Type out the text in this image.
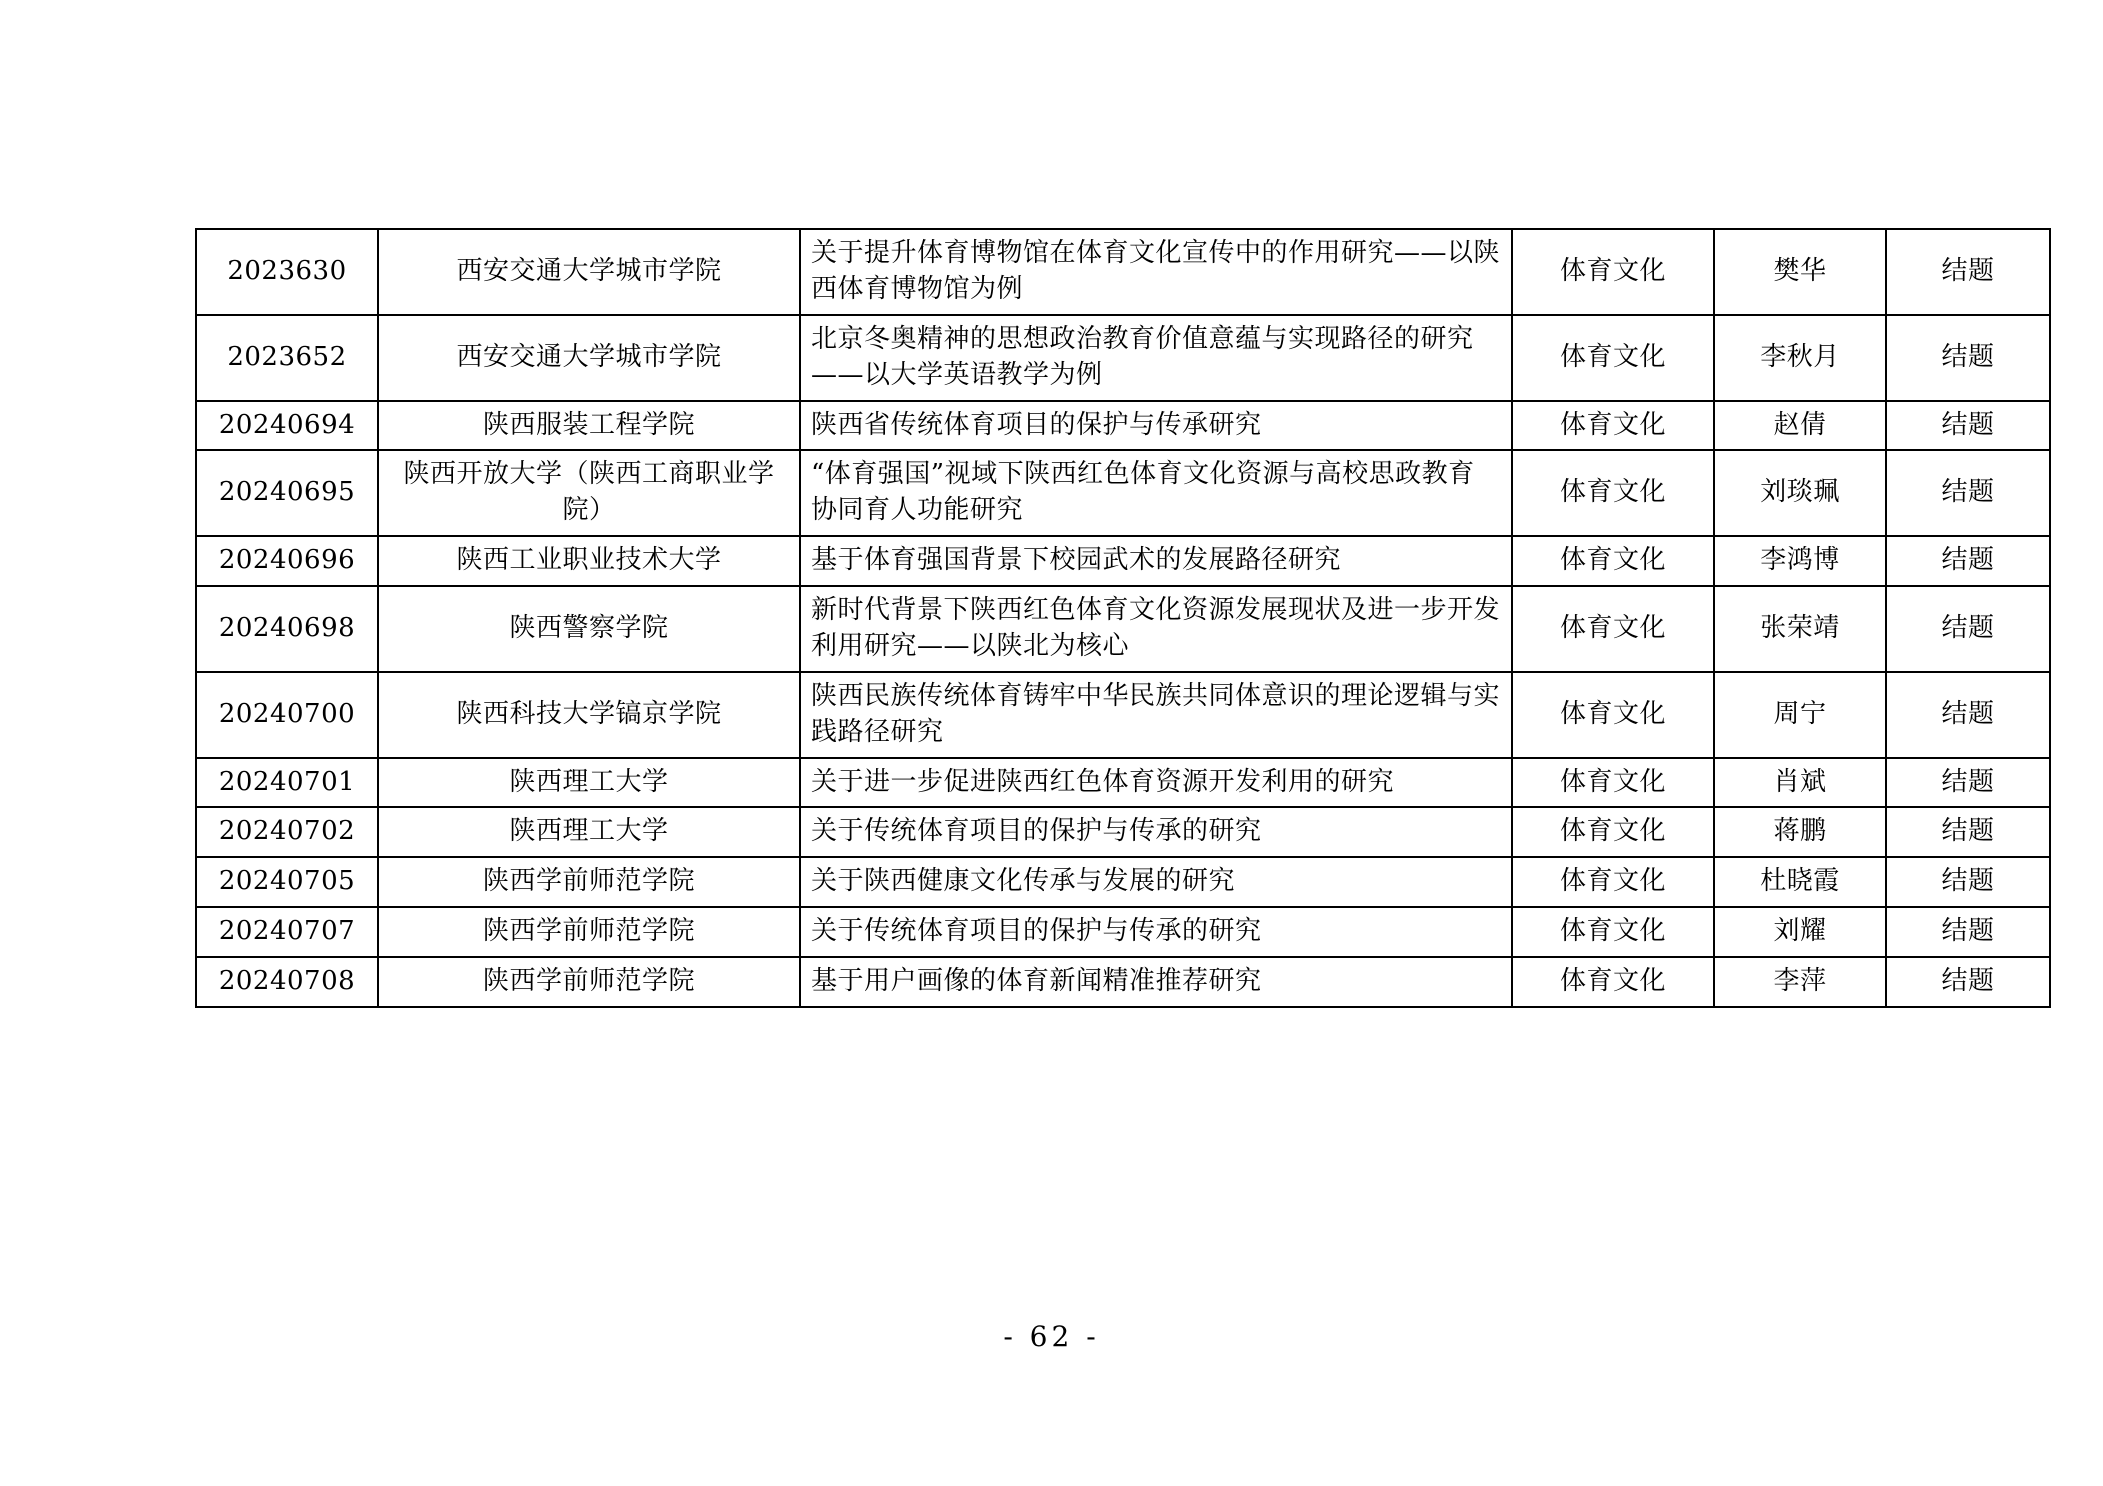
2023630	西安交通大学城市学院	关于提升体育博物馆在体育文化宣传中的作用研究——以陕西体育博物馆为例	体育文化	樊华	结题
2023652	西安交通大学城市学院	北京冬奥精神的思想政治教育价值意蕴与实现路径的研究——以大学英语教学为例	体育文化	李秋月	结题
20240694	陕西服装工程学院	陕西省传统体育项目的保护与传承研究	体育文化	赵倩	结题
20240695	陕西开放大学（陕西工商职业学院）	“体育强国”视域下陕西红色体育文化资源与高校思政教育协同育人功能研究	体育文化	刘琰珮	结题
20240696	陕西工业职业技术大学	基于体育强国背景下校园武术的发展路径研究	体育文化	李鸿博	结题
20240698	陕西警察学院	新时代背景下陕西红色体育文化资源发展现状及进一步开发利用研究——以陕北为核心	体育文化	张荣靖	结题
20240700	陕西科技大学镐京学院	陕西民族传统体育铸牢中华民族共同体意识的理论逻辑与实践路径研究	体育文化	周宁	结题
20240701	陕西理工大学	关于进一步促进陕西红色体育资源开发利用的研究	体育文化	肖斌	结题
20240702	陕西理工大学	关于传统体育项目的保护与传承的研究	体育文化	蒋鹏	结题
20240705	陕西学前师范学院	关于陕西健康文化传承与发展的研究	体育文化	杜晓霞	结题
20240707	陕西学前师范学院	关于传统体育项目的保护与传承的研究	体育文化	刘耀	结题
20240708	陕西学前师范学院	基于用户画像的体育新闻精准推荐研究	体育文化	李萍	结题
- 62 -
